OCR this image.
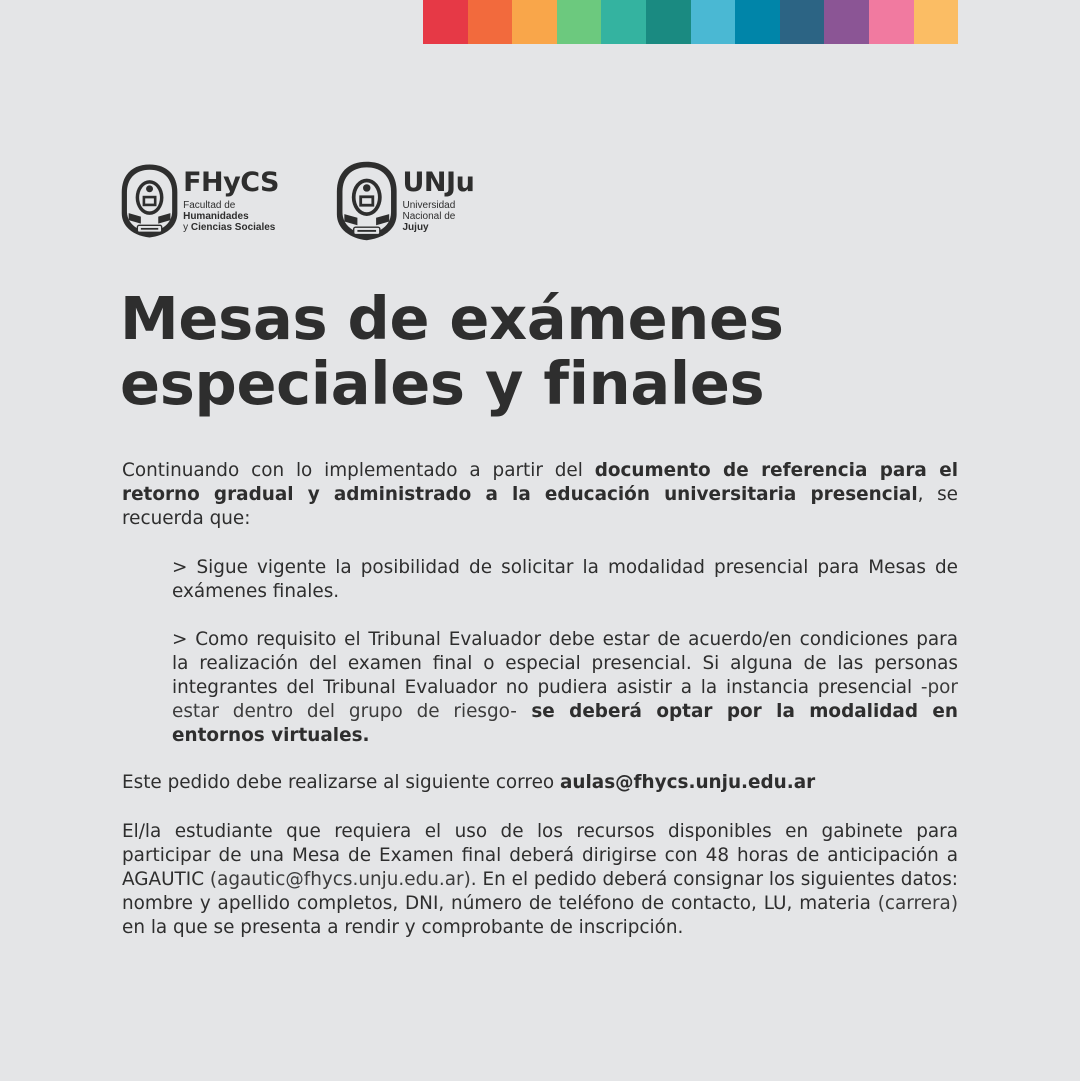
FHyCS
Facultad de Humanidades
y Ciencias Sociales
UNJu
Universidad
Nacional de Jujuy
Mesas de exámenes
especiales y finales

Continuando con lo implementado a partir del documento de referencia para el retorno gradual y administrado a la educación universitaria presencial, se recuerda que:

> Sigue vigente la posibilidad de solicitar la modalidad presencial para Mesas de exámenes finales.

> Como requisito el Tribunal Evaluador debe estar de acuerdo/en condiciones para la realización del examen final o especial presencial. Si alguna de las personas integrantes del Tribunal Evaluador no pudiera asistir a la instancia presencial -por estar dentro del grupo de riesgo- se deberá optar por la modalidad en entornos virtuales.

Este pedido debe realizarse al siguiente correo aulas@fhycs.unju.edu.ar

El/la estudiante que requiera el uso de los recursos disponibles en gabinete para participar de una Mesa de Examen final deberá dirigirse con 48 horas de anticipación a AGAUTIC (agautic@fhycs.unju.edu.ar). En el pedido deberá consignar los siguientes datos: nombre y apellido completos, DNI, número de teléfono de contacto, LU, materia (carrera) en la que se presenta a rendir y comprobante de inscripción.
